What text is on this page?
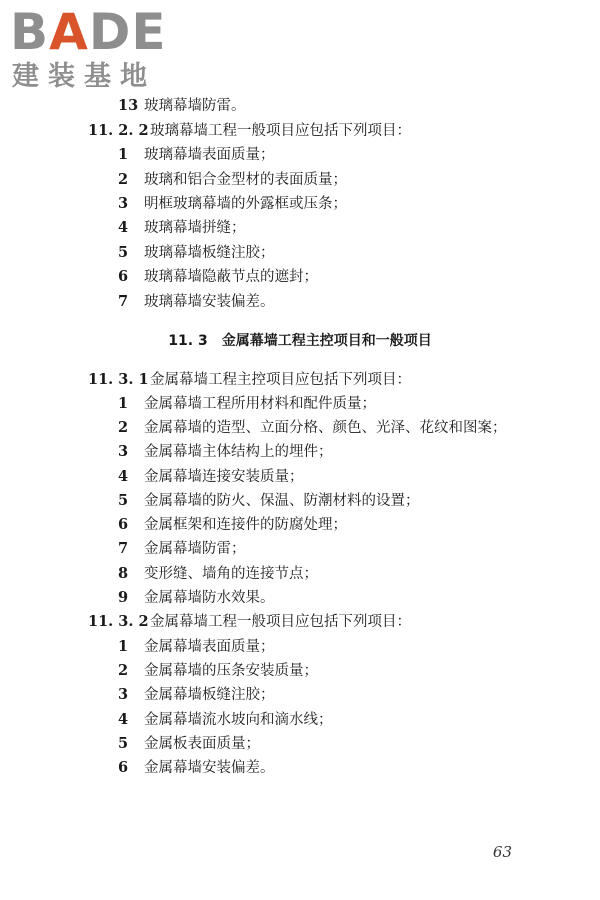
BADE
建装基地
13 玻璃幕墙防雷。
11. 2. 2玻璃幕墙工程一般项目应包括下列项目：
1 玻璃幕墙表面质量；
2 玻璃和铝合金型材的表面质量；
3 明框玻璃幕墙的外露框或压条；
4 玻璃幕墙拼缝；
5 玻璃幕墙板缝注胶；
6 玻璃幕墙隐蔽节点的遮封；
7 玻璃幕墙安装偏差。
11. 3 金属幕墙工程主控项目和一般项目
11. 3. 1金属幕墙工程主控项目应包括下列项目：
1 金属幕墙工程所用材料和配件质量；
2 金属幕墙的造型、立面分格、颜色、光泽、花纹和图案；
3 金属幕墙主体结构上的埋件；
4 金属幕墙连接安装质量；
5 金属幕墙的防火、保温、防潮材料的设置；
6 金属框架和连接件的防腐处理；
7 金属幕墙防雷；
8 变形缝、墙角的连接节点；
9 金属幕墙防水效果。
11. 3. 2金属幕墙工程一般项目应包括下列项目：
1 金属幕墙表面质量；
2 金属幕墙的压条安装质量；
3 金属幕墙板缝注胶；
4 金属幕墙流水坡向和滴水线；
5 金属板表面质量；
6 金属幕墙安装偏差。
63
